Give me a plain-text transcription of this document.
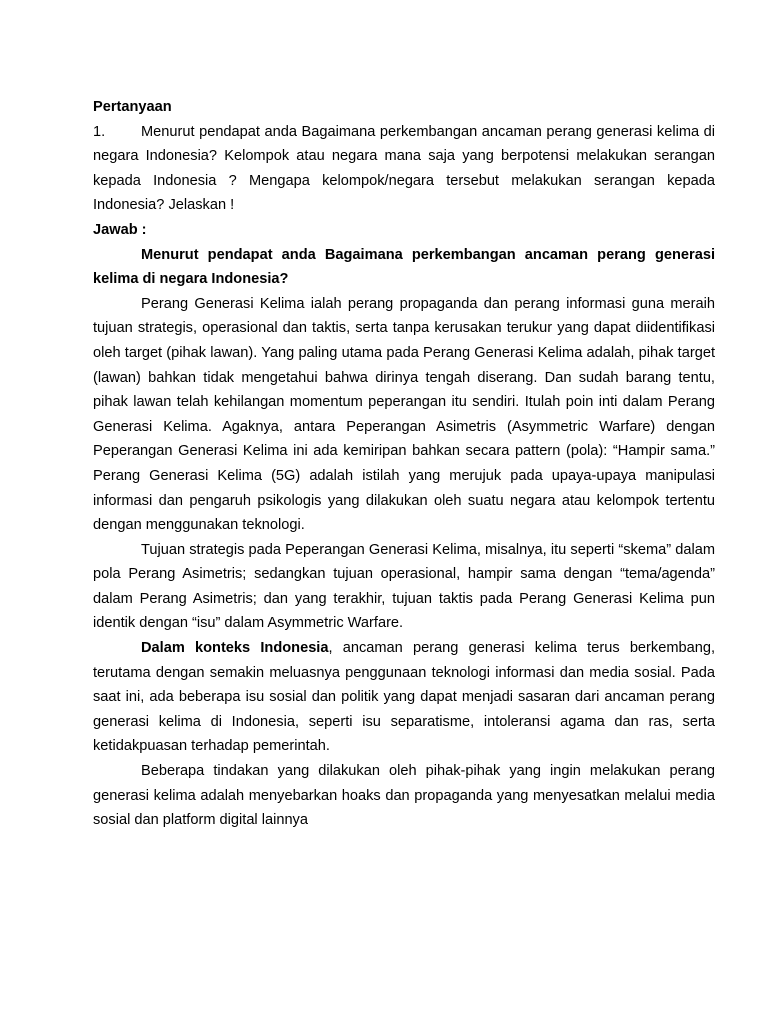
Pertanyaan

1. Menurut pendapat anda Bagaimana perkembangan ancaman perang generasi kelima di negara Indonesia? Kelompok atau negara mana saja yang berpotensi melakukan serangan kepada Indonesia ? Mengapa kelompok/negara tersebut melakukan serangan kepada Indonesia? Jelaskan !

Jawab :

Menurut pendapat anda Bagaimana perkembangan ancaman perang generasi kelima di negara Indonesia?

Perang Generasi Kelima ialah perang propaganda dan perang informasi guna meraih tujuan strategis, operasional dan taktis, serta tanpa kerusakan terukur yang dapat diidentifikasi oleh target (pihak lawan). Yang paling utama pada Perang Generasi Kelima adalah, pihak target (lawan) bahkan tidak mengetahui bahwa dirinya tengah diserang. Dan sudah barang tentu, pihak lawan telah kehilangan momentum peperangan itu sendiri. Itulah poin inti dalam Perang Generasi Kelima. Agaknya, antara Peperangan Asimetris (Asymmetric Warfare) dengan Peperangan Generasi Kelima ini ada kemiripan bahkan secara pattern (pola): “Hampir sama.” Perang Generasi Kelima (5G) adalah istilah yang merujuk pada upaya-upaya manipulasi informasi dan pengaruh psikologis yang dilakukan oleh suatu negara atau kelompok tertentu dengan menggunakan teknologi.

Tujuan strategis pada Peperangan Generasi Kelima, misalnya, itu seperti “skema” dalam pola Perang Asimetris; sedangkan tujuan operasional, hampir sama dengan “tema/agenda” dalam Perang Asimetris; dan yang terakhir, tujuan taktis pada Perang Generasi Kelima pun identik dengan “isu” dalam Asymmetric Warfare.

Dalam konteks Indonesia, ancaman perang generasi kelima terus berkembang, terutama dengan semakin meluasnya penggunaan teknologi informasi dan media sosial. Pada saat ini, ada beberapa isu sosial dan politik yang dapat menjadi sasaran dari ancaman perang generasi kelima di Indonesia, seperti isu separatisme, intoleransi agama dan ras, serta ketidakpuasan terhadap pemerintah.

Beberapa tindakan yang dilakukan oleh pihak-pihak yang ingin melakukan perang generasi kelima adalah menyebarkan hoaks dan propaganda yang menyesatkan melalui media sosial dan platform digital lainnya
